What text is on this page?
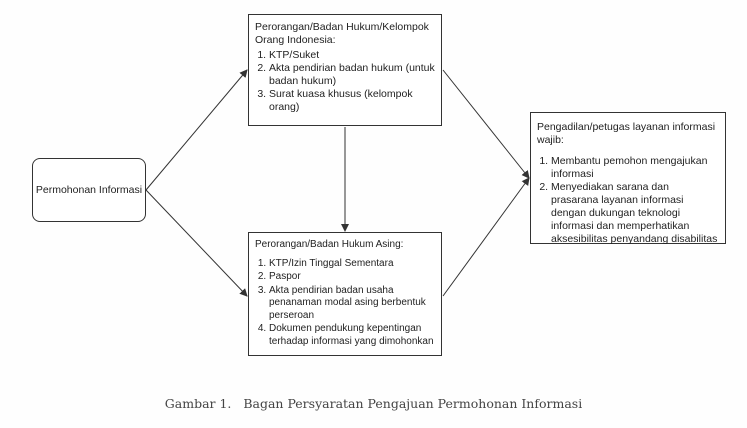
Permohonan Informasi

Perorangan/Badan Hukum/Kelompok Orang Indonesia:

1. KTP/Suket
2. Akta pendirian badan hukum (untuk badan hukum)
3. Surat kuasa khusus (kelompok orang)

Perorangan/Badan Hukum Asing:

1. KTP/Izin Tinggal Sementara
2. Paspor
3. Akta pendirian badan usaha penanaman modal asing berbentuk perseroan
4. Dokumen pendukung kepentingan terhadap informasi yang dimohonkan

Pengadilan/petugas layanan informasi wajib:

1. Membantu pemohon mengajukan informasi
2. Menyediakan sarana dan prasarana layanan informasi dengan dukungan teknologi informasi dan memperhatikan aksesibilitas penyandang disabilitas
Gambar 1.   Bagan Persyaratan Pengajuan Permohonan Informasi
